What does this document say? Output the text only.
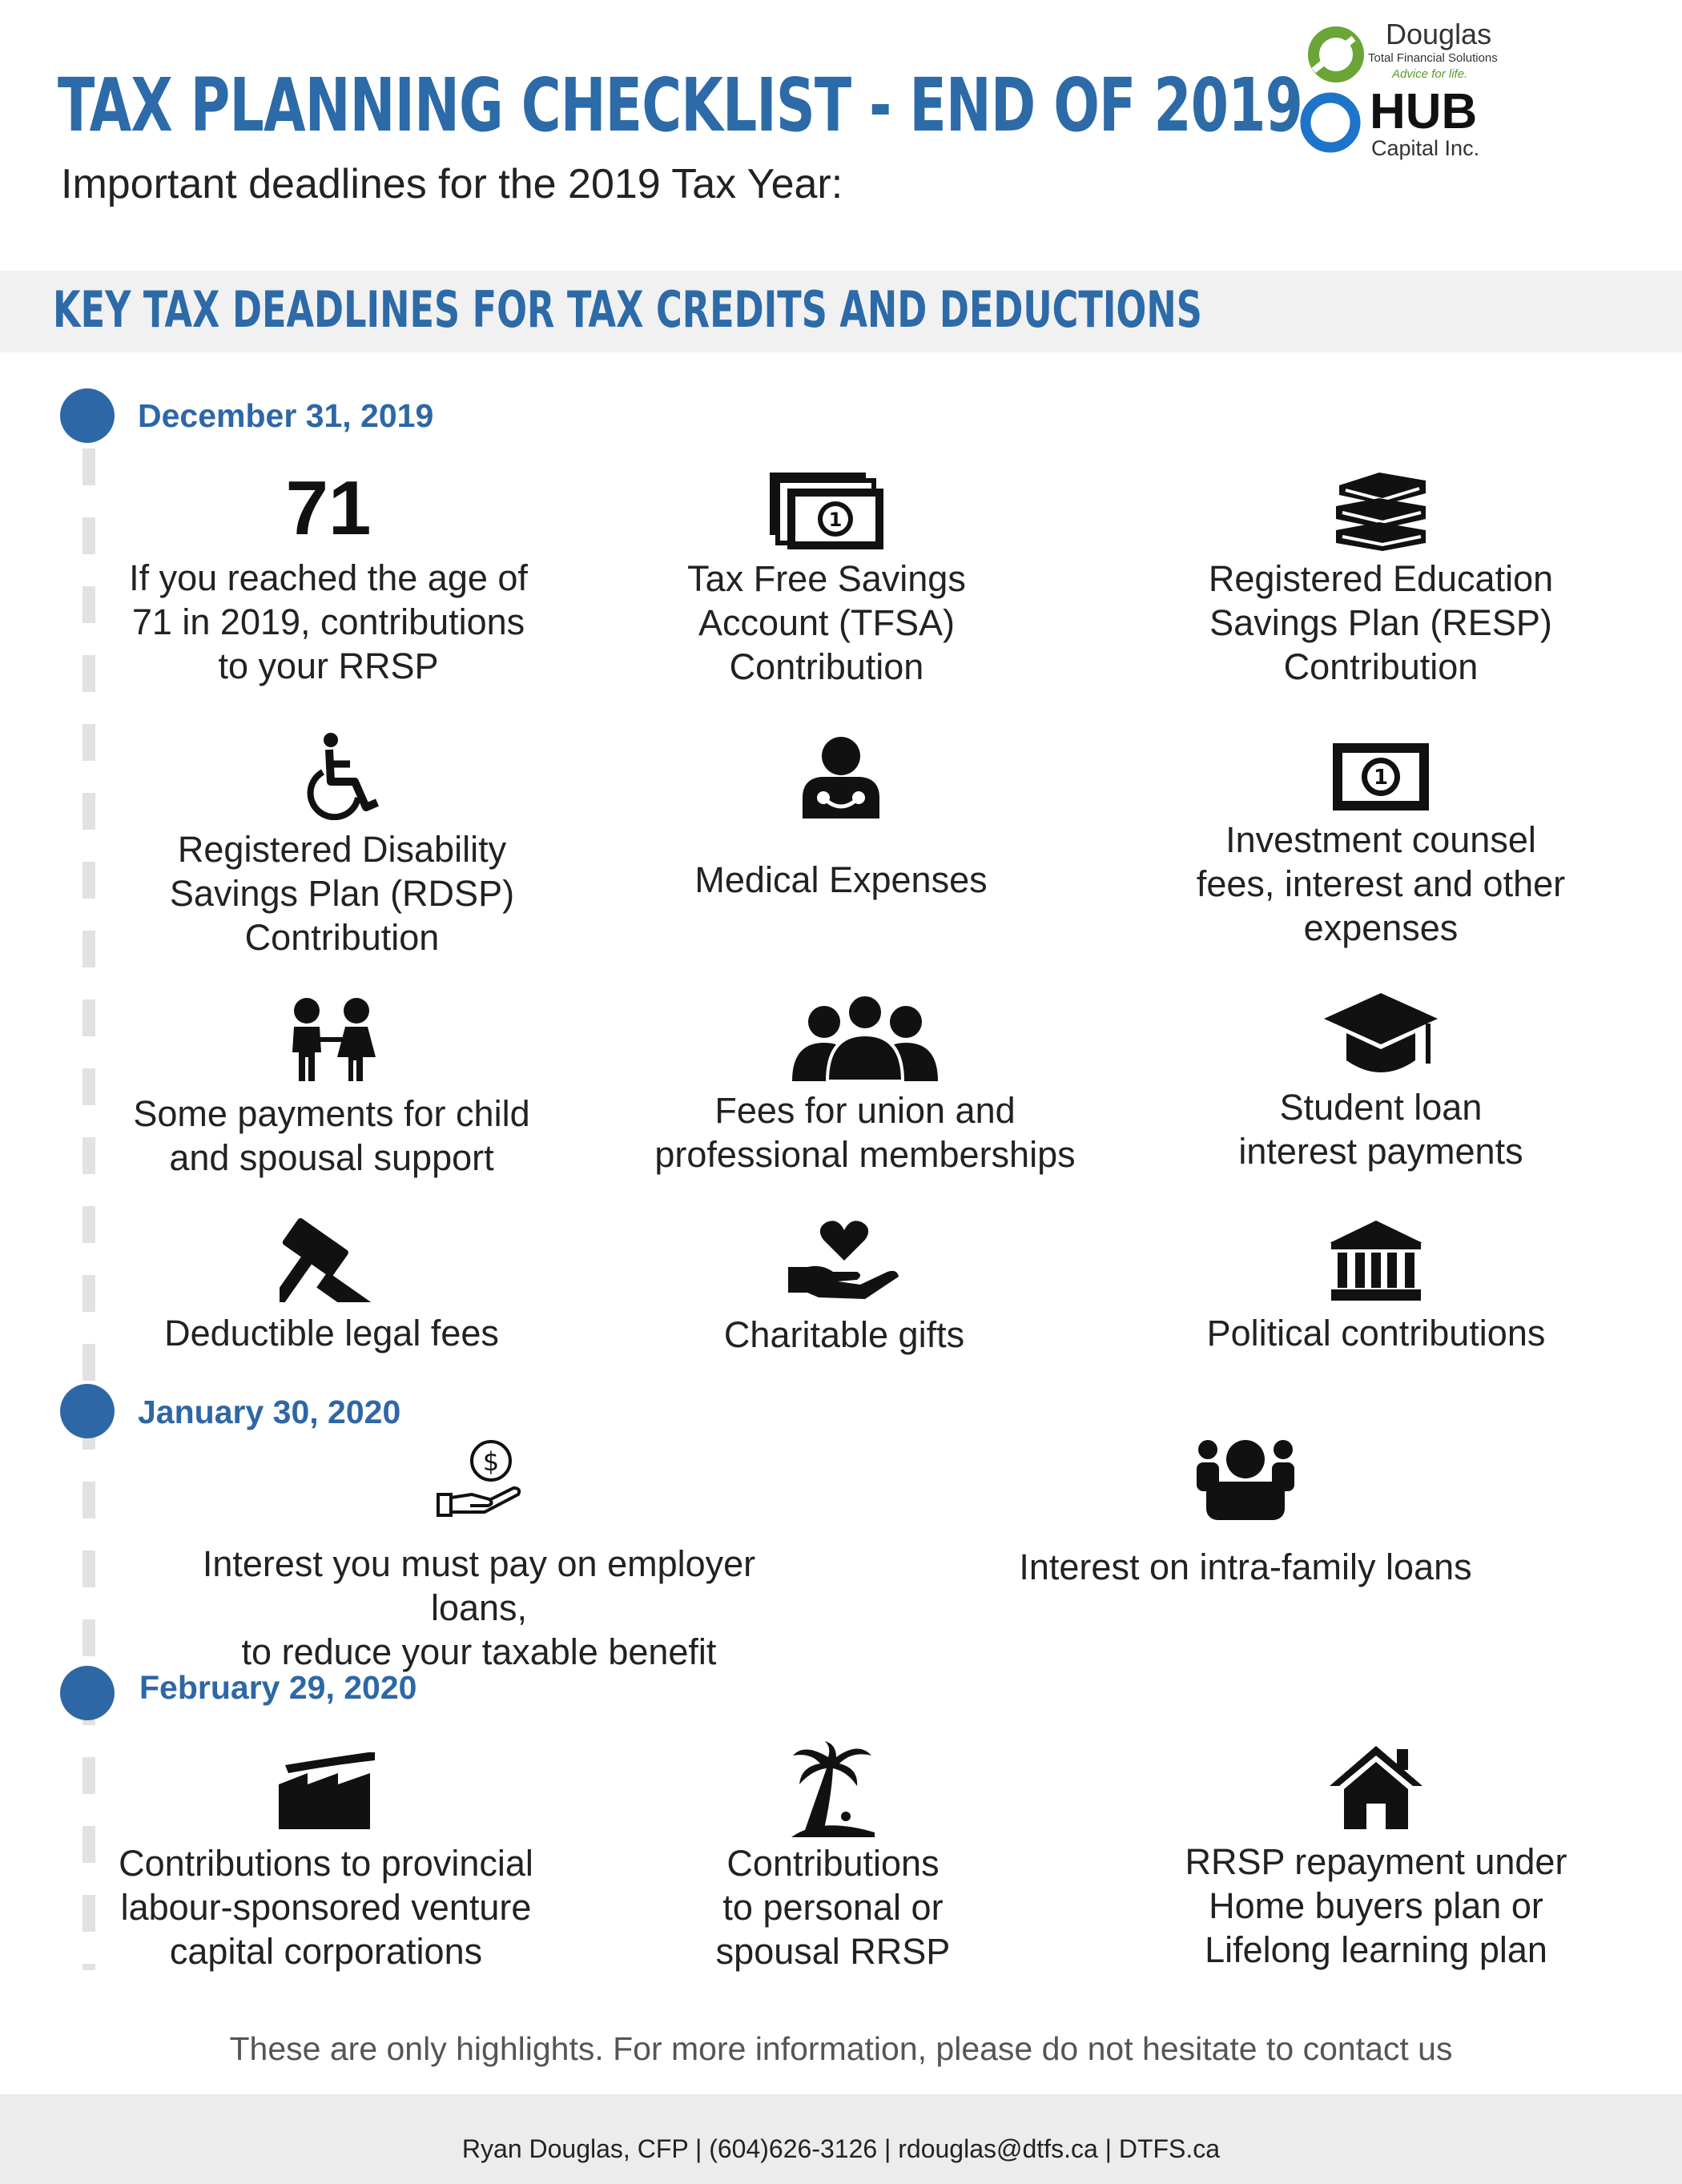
TAX PLANNING CHECKLIST - END OF 2019
Important deadlines for the 2019 Tax Year:
Douglas
Total Financial Solutions
Advice for life.
HUB
Capital Inc.
KEY TAX DEADLINES FOR TAX CREDITS AND DEDUCTIONS
December 31, 2019
January 30, 2020
February 29, 2020
71
If you reached the age of
71 in 2019, contributions
to your RRSP
1
Tax Free Savings
Account (TFSA)
Contribution
Registered Education
Savings Plan (RESP)
Contribution
Registered Disability
Savings Plan (RDSP)
Contribution
Medical Expenses
1
Investment counsel
fees, interest and other
expenses
Some payments for child
and spousal support
Fees for union and
professional memberships
Student loan
interest payments
Deductible legal fees	Charitable gifts	Political contributions
$
Interest you must pay on employer loans,
to reduce your taxable benefit
Interest on intra-family loans
Contributions to provincial
labour-sponsored venture
capital corporations
Contributions
to personal or
spousal RRSP
RRSP repayment under
Home buyers plan or
Lifelong learning plan
These are only highlights. For more information, please do not hesitate to contact us
Ryan Douglas, CFP | (604)626-3126 | rdouglas@dtfs.ca | DTFS.ca
